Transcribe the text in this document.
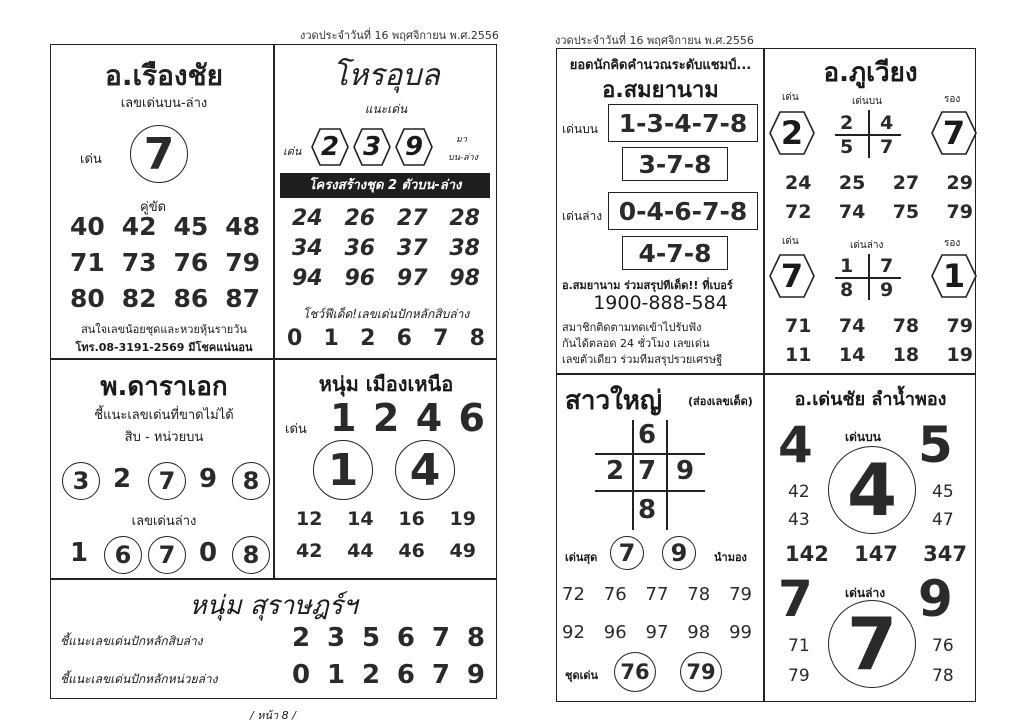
งวดประจำวันที่ 16 พฤศจิกายน พ.ศ.2556
อ.เรืองชัย
เลขเด่นบน-ล่าง
เด่น 7
คู่ขัด
40 42 45 48
71 73 76 79
80 82 86 87
สนใจเลขน้อยชุดและหวยหุ้นรายวัน
โทร.08-3191-2569 มีโชคแน่นอน
โหรอุบล
แนะเด่น
เด่น 2 3 9	มา
บน-ล่าง
โครงสร้างชุด 2 ตัวบน-ล่าง
24 26 27 28
34 36 37 38
94 96 97 98
โชว์ฟีเด็ด!เลขเด่นปักหลักสิบล่าง
0 1 2 6 7 8
พ.ดาราเอก
ชี้แนะเลขเด่นที่ขาดไม่ได้
สิบ - หน่วยบน
3 2	7 9	8
เลขเด่นล่าง
1	6	7 0	8
หนุ่ม เมืองเหนือ
เด่น 1 2 4 6
1	4
12 14 16 19
42 44 46 49
หนุ่ม สุราษฎร์ฯ
ชี้แนะเลขเด่นปักหลักสิบล่าง	2 3 5 6 7 8
ชี้แนะเลขเด่นปักหลักหน่วยล่าง	0 1 2 6 7 9
/ หน้า 8 /
งวดประจำวันที่ 16 พฤศจิกายน พ.ศ.2556
ยอดนักคิดคำนวณระดับแชมป์...
อ.สมยานาม
เด่นบน 1-3-4-7-8
3-7-8
เด่นล่าง 0-4-6-7-8
4-7-8
อ.สมยานาม ร่วมสรุปทีเด็ด!! ที่เบอร์
1900-888-584
สมาชิกติดตามทดเข้าไปรับฟัง
กันได้ตลอด 24 ชั่วโมง เลขเด่น
เลขตัวเดียว ร่วมทีมสรุปรวยเศรษฐี
อ.ภูเวียง
เด่น	เด่นบน	รอง
2	2 4
5 7	7
24 25 27 29
72 74 75 79
เด่น	เด่นล่าง	รอง
7	1 7
8 9	1
71 74 78 79
11 14 18 19
สาวใหญ่ (ส่องเลขเด็ด)
6
2 7 9
8
เด่นสุด 7	9	นำมอง
72 76 77 78 79
92 96 97 98 99
ชุดเด่น	76	79
อ.เด่นชัย ลำน้ำพอง
4	เด่นบน 5
4
42
43
45
47
142 147 347
7	เด่นล่าง 9
7
71
79
76
78
